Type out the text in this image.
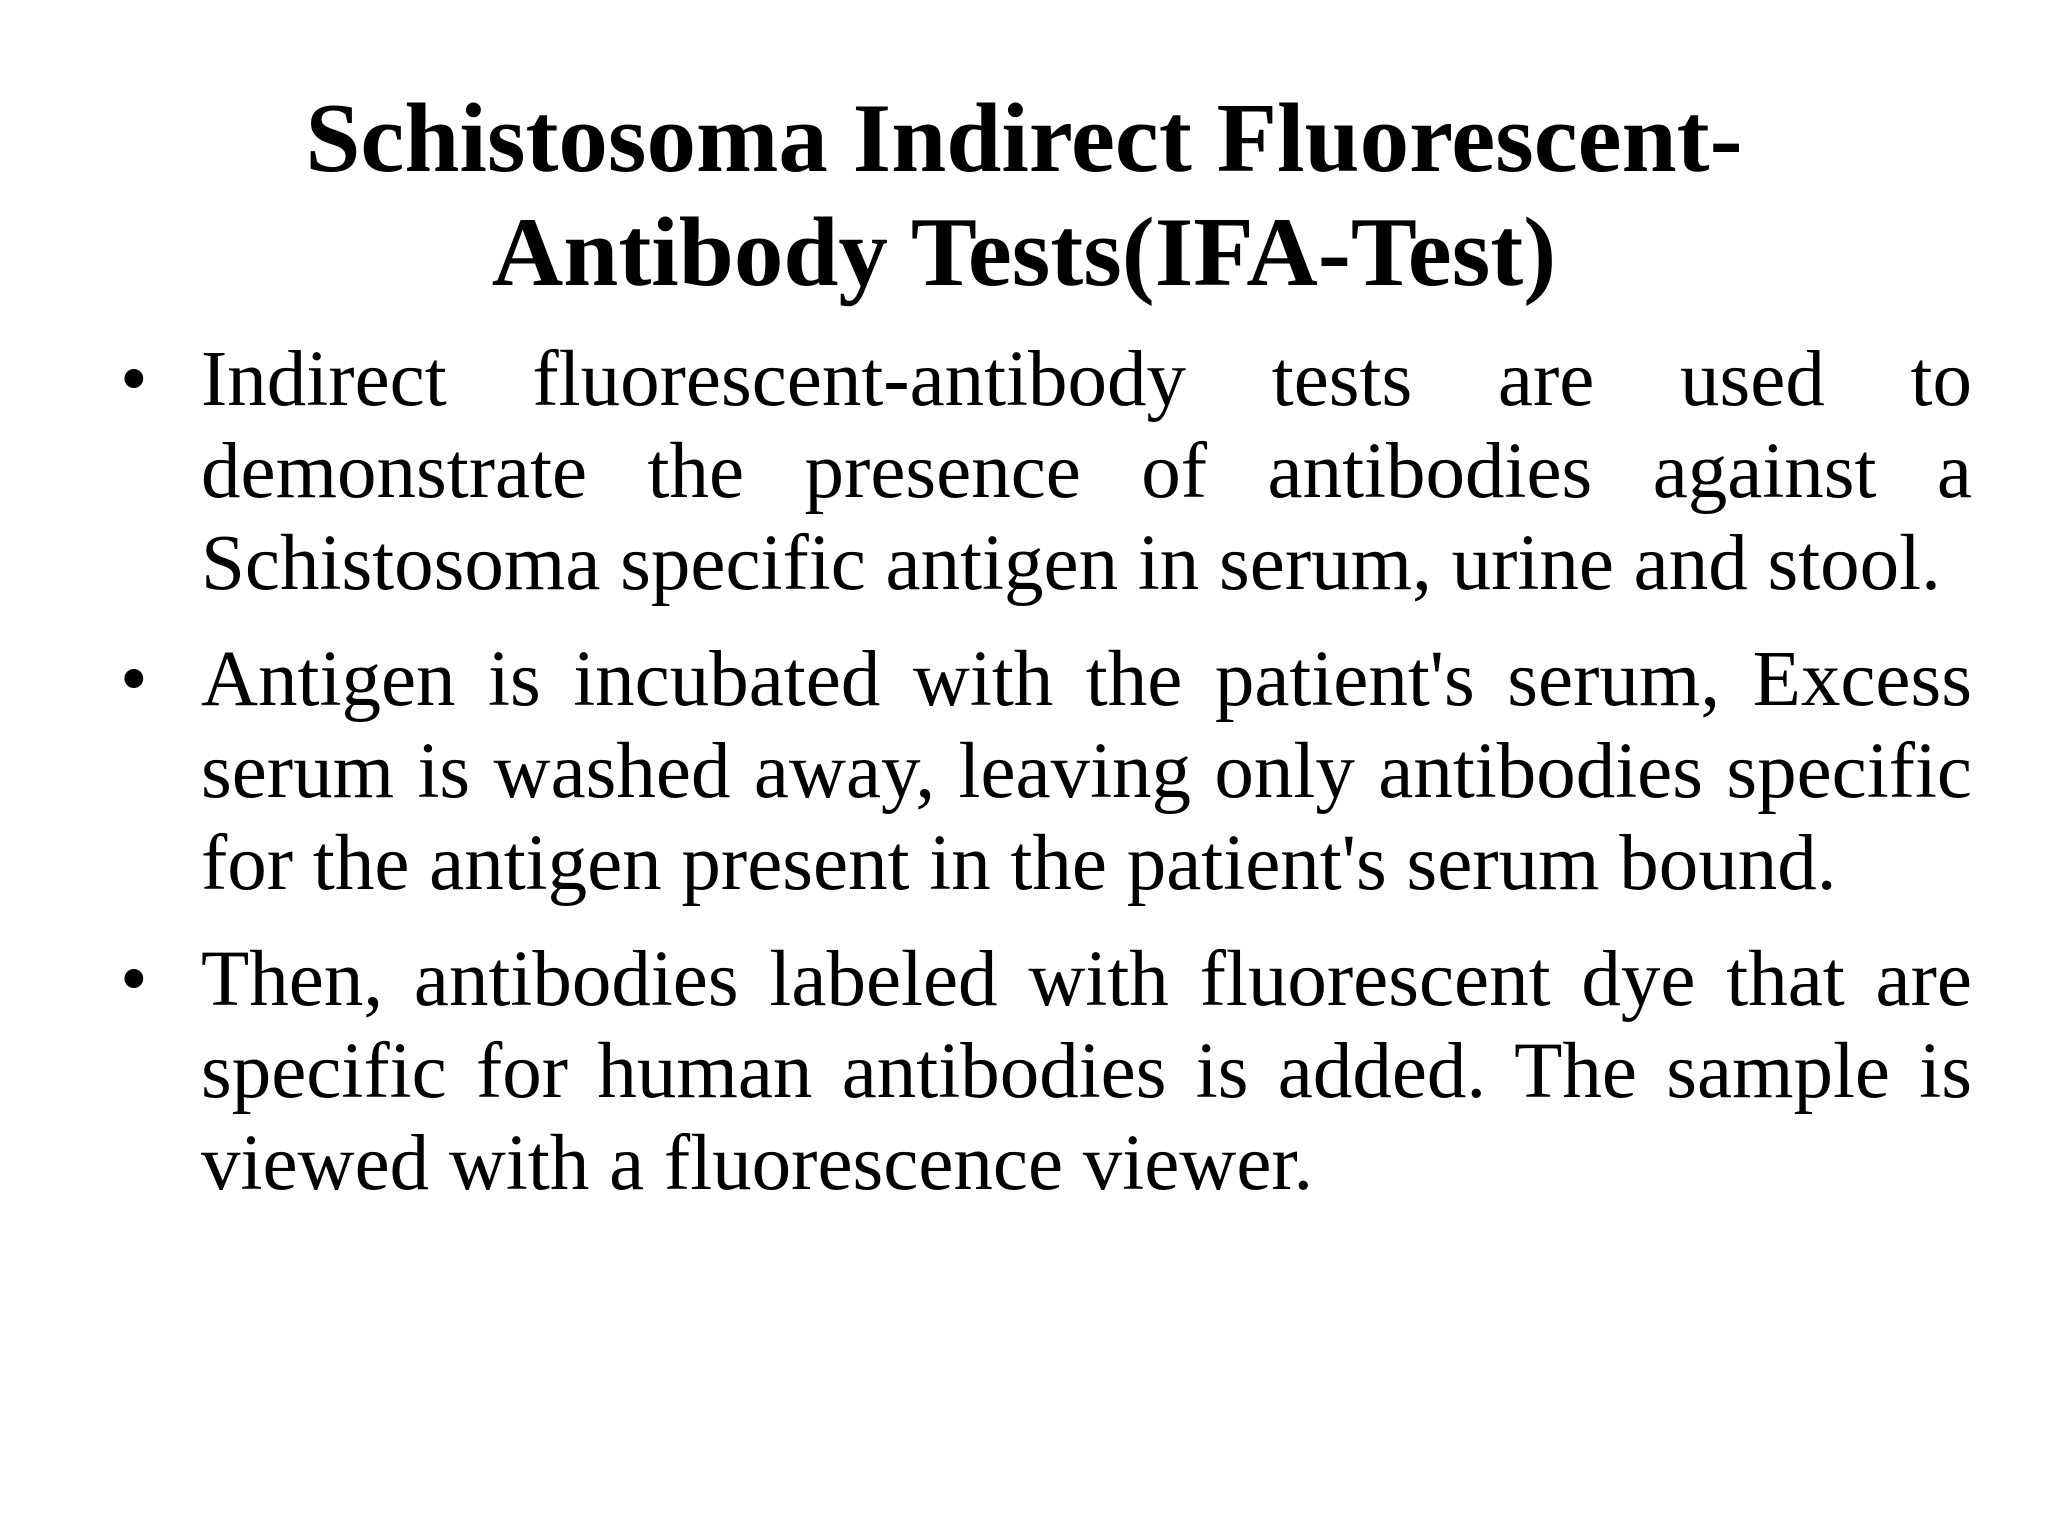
Schistosoma Indirect Fluorescent-
Antibody Tests(IFA-Test)
• Indirect fluorescent-antibody tests are used to demonstrate the presence of antibodies against a Schistosoma specific antigen in serum, urine and stool.
• Antigen is incubated with the patient's serum, Excess serum is washed away, leaving only antibodies specific for the antigen present in the patient's serum bound.
• Then, antibodies labeled with fluorescent dye that are specific for human antibodies is added. The sample is viewed with a fluorescence viewer.
